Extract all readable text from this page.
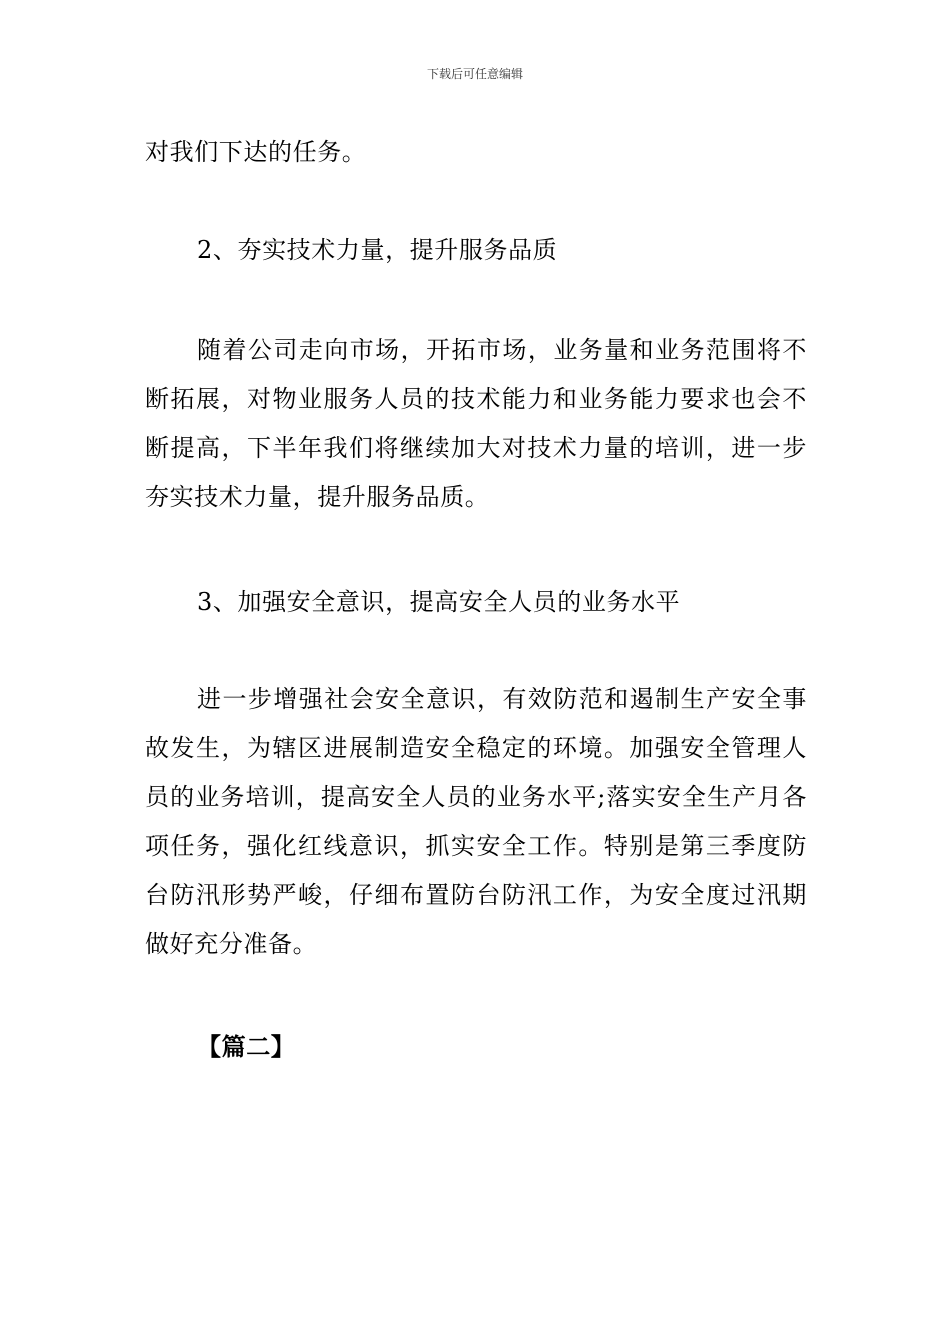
下载后可任意编辑

对我们下达的任务。

2、夯实技术力量，提升服务品质

随着公司走向市场，开拓市场，业务量和业务范围将不断拓展，对物业服务人员的技术能力和业务能力要求也会不断提高，下半年我们将继续加大对技术力量的培训，进一步夯实技术力量，提升服务品质。

3、加强安全意识，提高安全人员的业务水平

进一步增强社会安全意识，有效防范和遏制生产安全事故发生，为辖区进展制造安全稳定的环境。加强安全管理人员的业务培训，提高安全人员的业务水平;落实安全生产月各项任务，强化红线意识，抓实安全工作。特别是第三季度防台防汛形势严峻，仔细布置防台防汛工作，为安全度过汛期做好充分准备。

【篇二】
